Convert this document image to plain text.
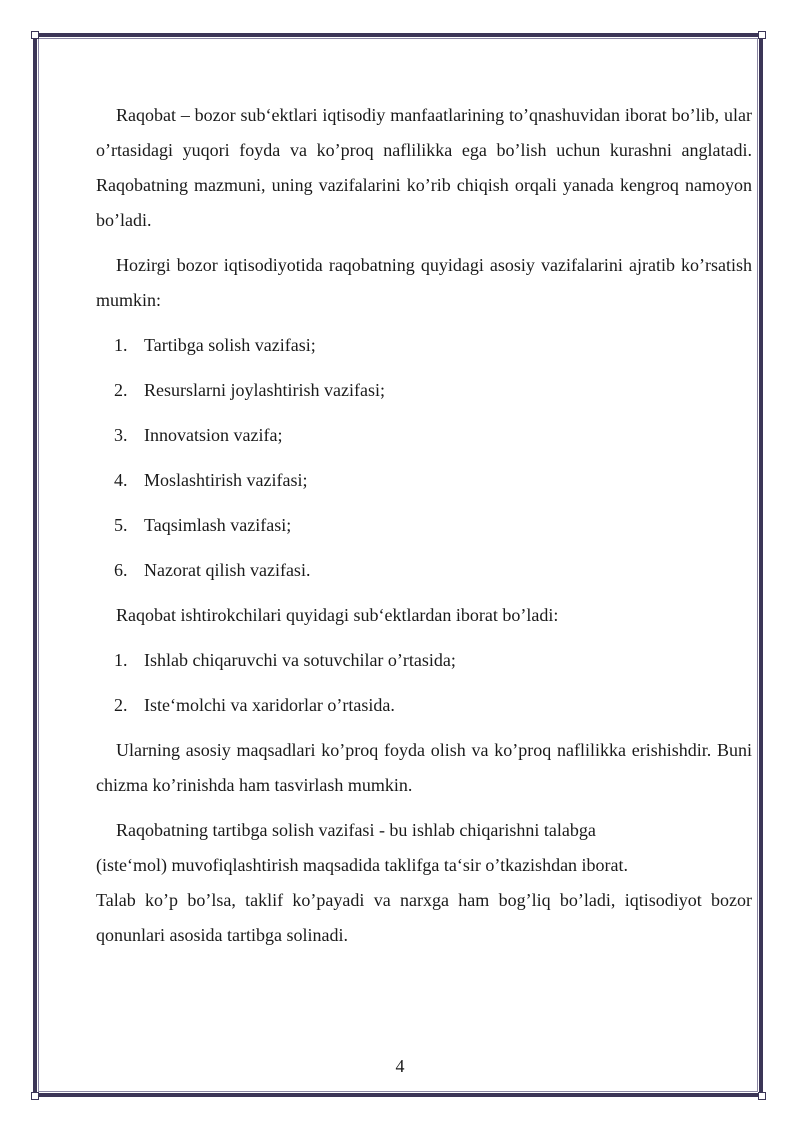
Raqobat – bozor sub‘ektlari iqtisodiy manfaatlarining to’qnashuvidan iborat bo’lib, ular o’rtasidagi yuqori foyda va ko’proq naflilikka ega bo’lish uchun kurashni anglatadi. Raqobatning mazmuni, uning vazifalarini ko’rib chiqish orqali yanada kengroq namoyon bo’ladi.

Hozirgi bozor iqtisodiyotida raqobatning quyidagi asosiy vazifalarini ajratib ko’rsatish mumkin:

1. Tartibga solish vazifasi;
2. Resurslarni joylashtirish vazifasi;
3. Innovatsion vazifa;
4. Moslashtirish vazifasi;
5. Taqsimlash vazifasi;
6. Nazorat qilish vazifasi.

Raqobat ishtirokchilari quyidagi sub‘ektlardan iborat bo’ladi:

1. Ishlab chiqaruvchi va sotuvchilar o’rtasida;
2. Iste‘molchi va xaridorlar o’rtasida.

Ularning asosiy maqsadlari ko’proq foyda olish va ko’proq naflilikka erishishdir. Buni chizma ko’rinishda ham tasvirlash mumkin.

Raqobatning tartibga solish vazifasi - bu ishlab chiqarishni talabga

(iste‘mol) muvofiqlashtirish maqsadida taklifga ta‘sir o’tkazishdan iborat.

Talab ko’p bo’lsa, taklif ko’payadi va narxga ham bog’liq bo’ladi, iqtisodiyot bozor qonunlari asosida tartibga solinadi.

4
